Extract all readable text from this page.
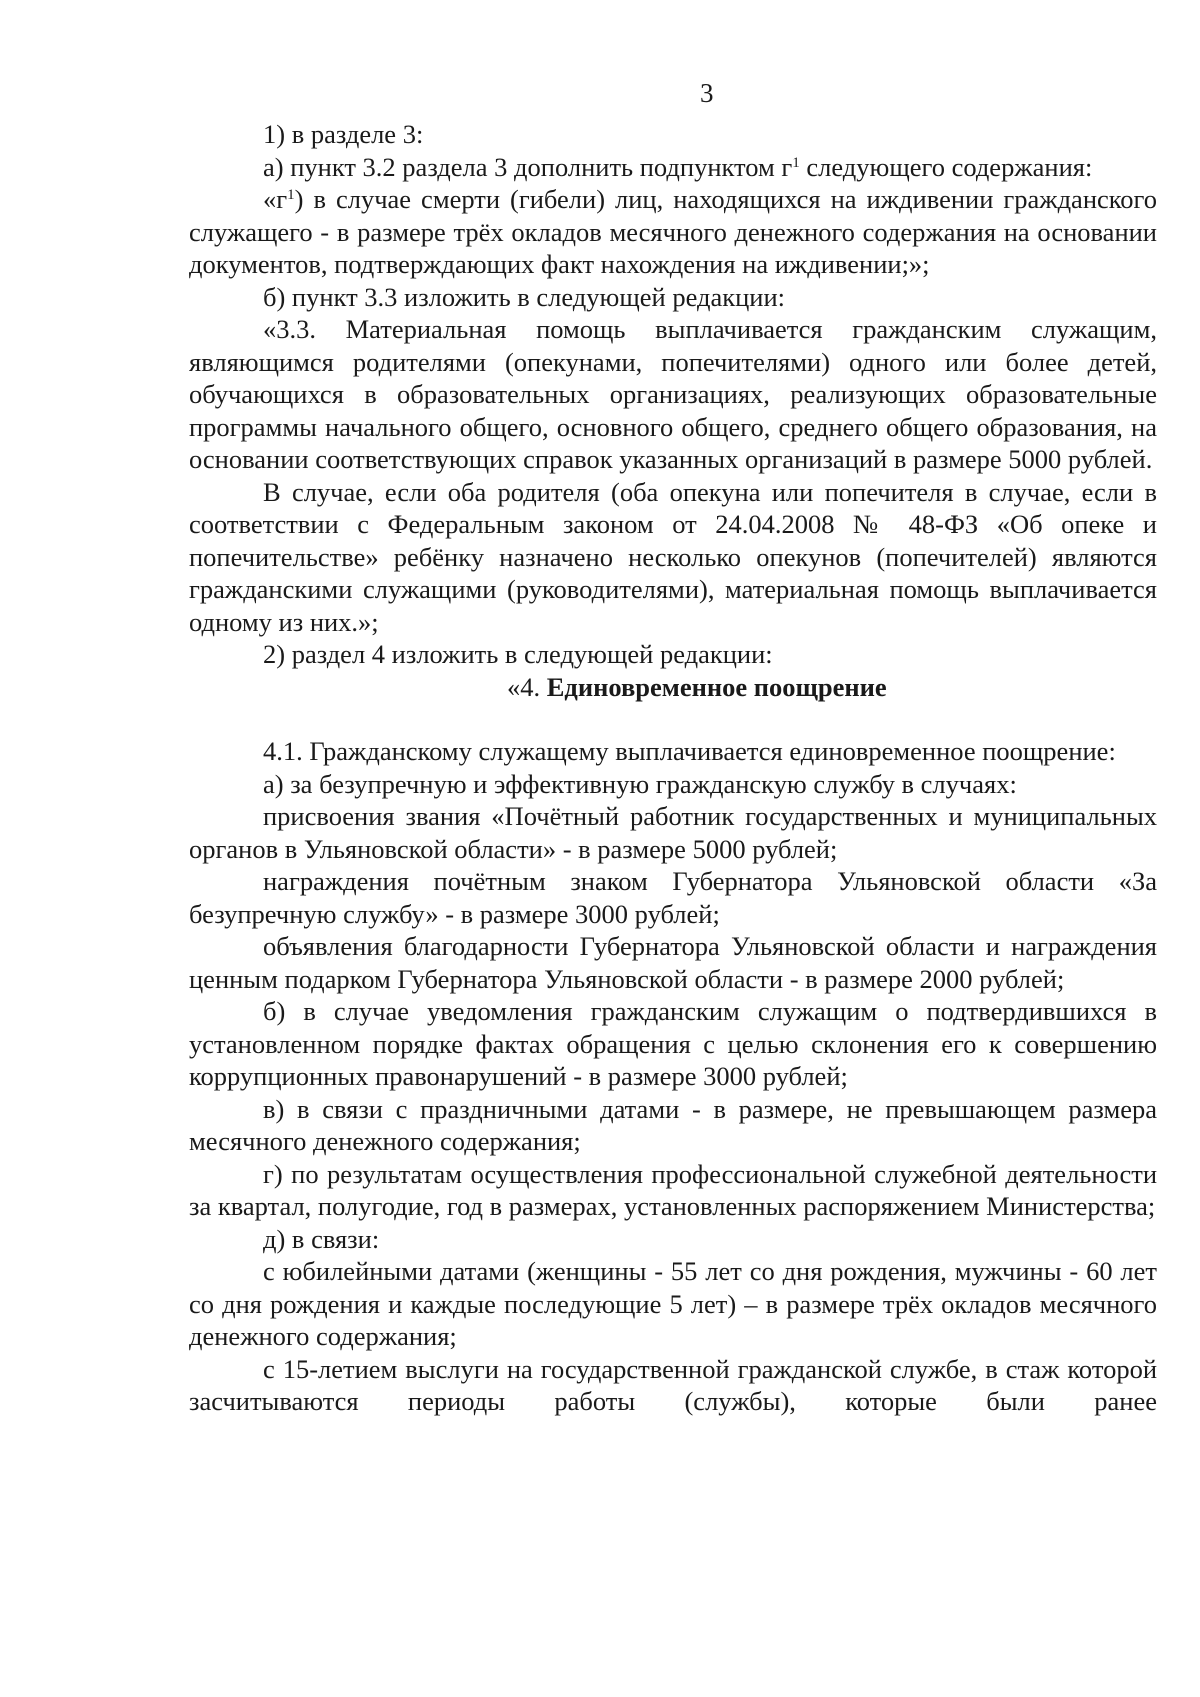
3

1) в разделе 3:

а) пункт 3.2 раздела 3 дополнить подпунктом $г^1$ следующего содержания:

«$г^1$) в случае смерти (гибели) лиц, находящихся на иждивении гражданского служащего - в размере трёх окладов месячного денежного содержания на основании документов, подтверждающих факт нахождения на иждивении;»;

б) пункт 3.3 изложить в следующей редакции:

«3.3. Материальная помощь выплачивается гражданским служащим, являющимся родителями (опекунами, попечителями) одного или более детей, обучающихся в образовательных организациях, реализующих образовательные программы начального общего, основного общего, среднего общего образования, на основании соответствующих справок указанных организаций в размере 5000 рублей.

В случае, если оба родителя (оба опекуна или попечителя в случае, если в соответствии с Федеральным законом от 24.04.2008 № 48-ФЗ «Об опеке и попечительстве» ребёнку назначено несколько опекунов (попечителей) являются гражданскими служащими (руководителями), материальная помощь выплачивается одному из них.»;

2) раздел 4 изложить в следующей редакции:

«4. Единовременное поощрение

4.1. Гражданскому служащему выплачивается единовременное поощрение:

а) за безупречную и эффективную гражданскую службу в случаях:

присвоения звания «Почётный работник государственных и муниципальных органов в Ульяновской области» - в размере 5000 рублей;

награждения почётным знаком Губернатора Ульяновской области «За безупречную службу» - в размере 3000 рублей;

объявления благодарности Губернатора Ульяновской области и награждения ценным подарком Губернатора Ульяновской области - в размере 2000 рублей;

б) в случае уведомления гражданским служащим о подтвердившихся в установленном порядке фактах обращения с целью склонения его к совершению коррупционных правонарушений - в размере 3000 рублей;

в) в связи с праздничными датами - в размере, не превышающем размера месячного денежного содержания;

г) по результатам осуществления профессиональной служебной деятельности за квартал, полугодие, год в размерах, установленных распоряжением Министерства;

д) в связи:

с юбилейными датами (женщины - 55 лет со дня рождения, мужчины - 60 лет со дня рождения и каждые последующие 5 лет) – в размере трёх окладов месячного денежного содержания;

с 15-летием выслуги на государственной гражданской службе, в стаж которой засчитываются периоды работы (службы), которые были ранее
